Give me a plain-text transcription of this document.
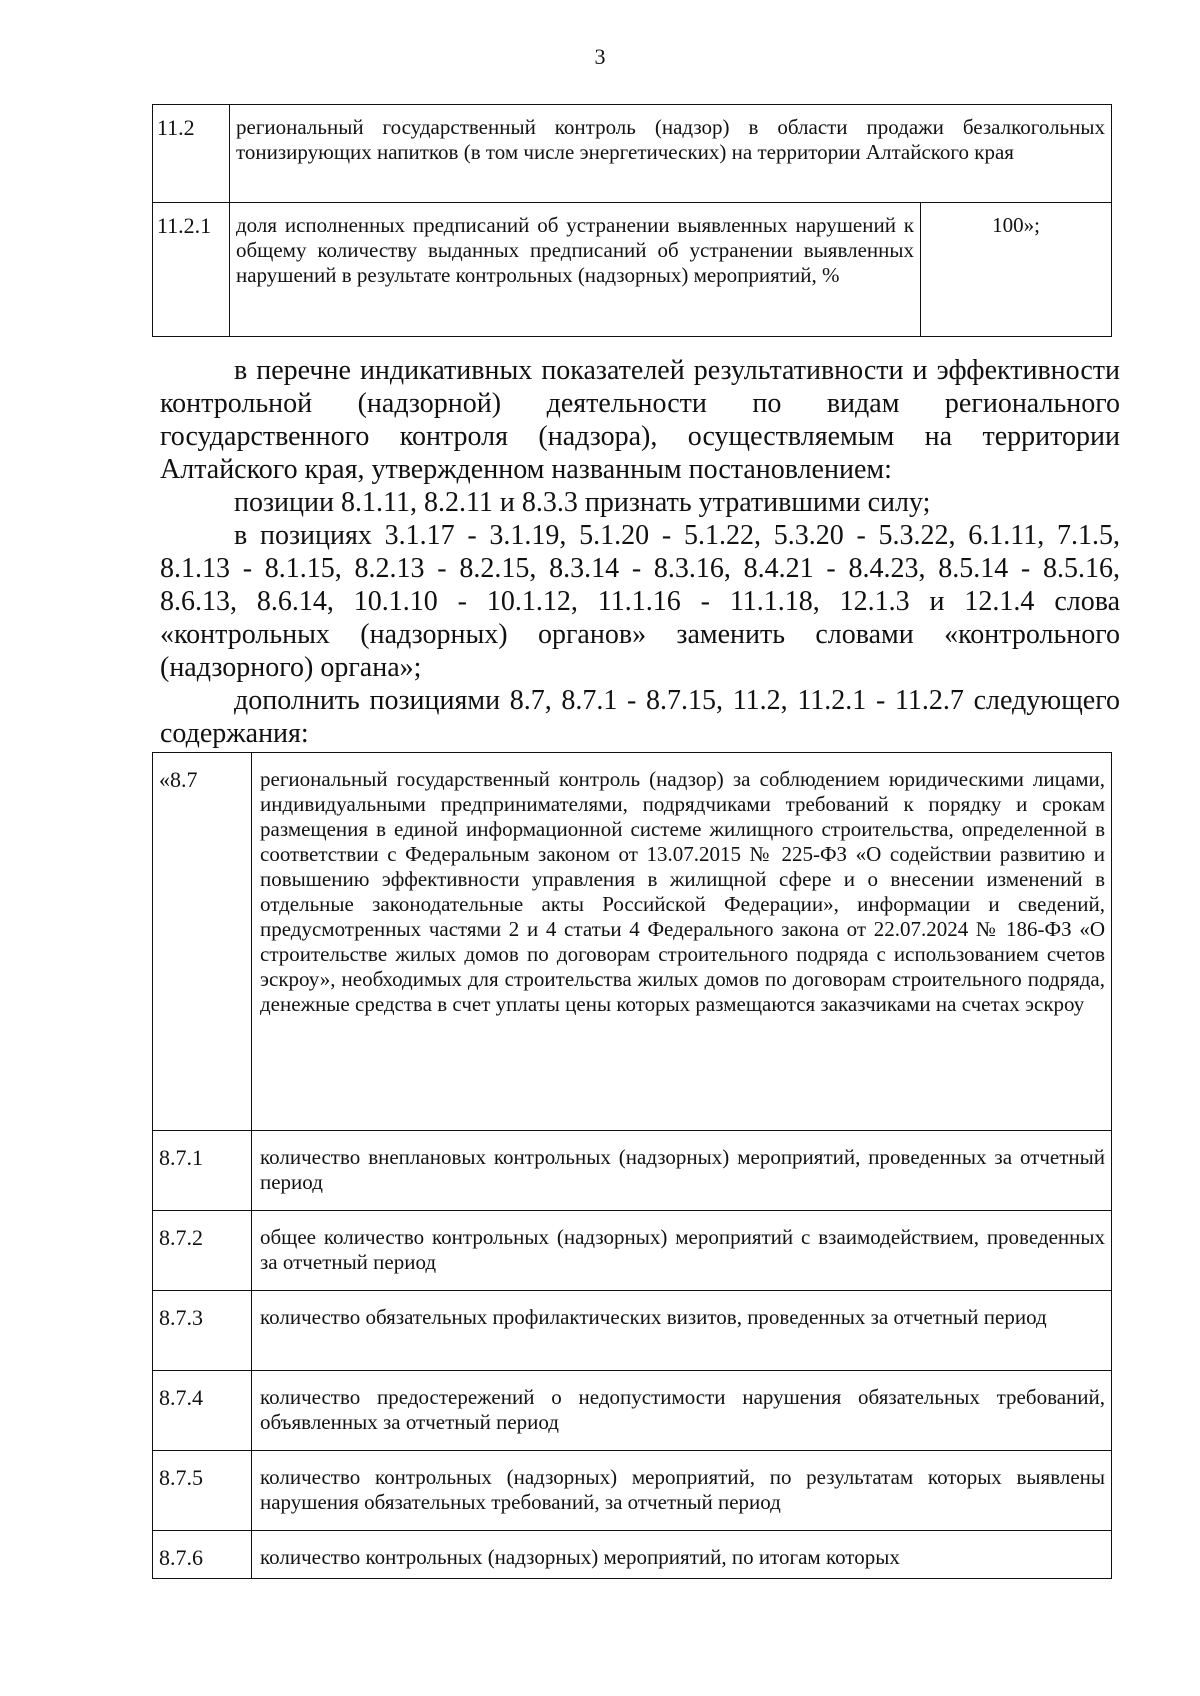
3
11.2	региональный государственный контроль (надзор) в области продажи безалкогольных тонизирующих напитков (в том числе энергетических) на территории Алтайского края	
11.2.1	доля исполненных предписаний об устранении выявленных нарушений к общему количеству выданных предписаний об устранении выявленных нарушений в результате контрольных (надзорных) мероприятий, %	100»;

в перечне индикативных показателей результативности и эффективности контрольной (надзорной) деятельности по видам регионального государственного контроля (надзора), осуществляемым на территории Алтайского края, утвержденном названным постановлением:

позиции 8.1.11, 8.2.11 и 8.3.3 признать утратившими силу;

в позициях 3.1.17 - 3.1.19, 5.1.20 - 5.1.22, 5.3.20 - 5.3.22, 6.1.11, 7.1.5, 8.1.13 - 8.1.15, 8.2.13 - 8.2.15, 8.3.14 - 8.3.16, 8.4.21 - 8.4.23, 8.5.14 - 8.5.16, 8.6.13, 8.6.14, 10.1.10 - 10.1.12, 11.1.16 - 11.1.18, 12.1.3 и 12.1.4 слова «контрольных (надзорных) органов» заменить словами «контрольного (надзорного) органа»;

дополнить позициями 8.7, 8.7.1 - 8.7.15, 11.2, 11.2.1 - 11.2.7 следующего содержания:

«8.7	региональный государственный контроль (надзор) за соблюдением юридическими лицами, индивидуальными предпринимателями, подрядчиками требований к порядку и срокам размещения в единой информационной системе жилищного строительства, определенной в соответствии с Федеральным законом от 13.07.2015 № 225-ФЗ «О содействии развитию и повышению эффективности управления в жилищной сфере и о внесении изменений в отдельные законодательные акты Российской Федерации», информации и сведений, предусмотренных частями 2 и 4 статьи 4 Федерального закона от 22.07.2024 № 186-ФЗ «О строительстве жилых домов по договорам строительного подряда с использованием счетов эскроу», необходимых для строительства жилых домов по договорам строительного подряда, денежные средства в счет уплаты цены которых размещаются заказчиками на счетах эскроу
8.7.1	количество внеплановых контрольных (надзорных) мероприятий, проведенных за отчетный период
8.7.2	общее количество контрольных (надзорных) мероприятий с взаимодействием, проведенных за отчетный период
8.7.3	количество обязательных профилактических визитов, проведенных за отчетный период
8.7.4	количество предостережений о недопустимости нарушения обязательных требований, объявленных за отчетный период
8.7.5	количество контрольных (надзорных) мероприятий, по результатам которых выявлены нарушения обязательных требований, за отчетный период
8.7.6	количество контрольных (надзорных) мероприятий, по итогам которых
